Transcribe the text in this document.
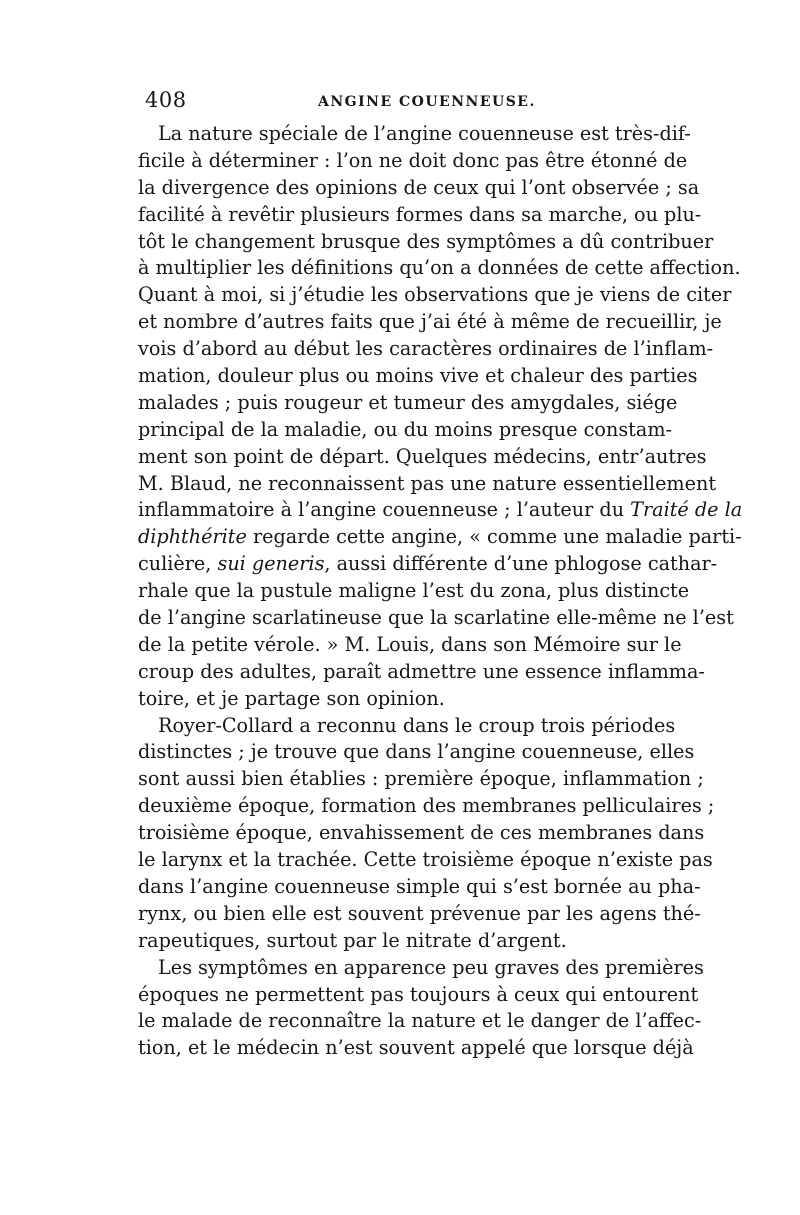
408	ANGINE COUENNEUSE.
La nature spéciale de l’angine couenneuse est très-dif-
ficile à déterminer : l’on ne doit donc pas être étonné de
la divergence des opinions de ceux qui l’ont observée ; sa
facilité à revêtir plusieurs formes dans sa marche, ou plu-
tôt le changement brusque des symptômes a dû contribuer
à multiplier les définitions qu’on a données de cette affection.
Quant à moi, si j’étudie les observations que je viens de citer
et nombre d’autres faits que j’ai été à même de recueillir, je
vois d’abord au début les caractères ordinaires de l’inflam-
mation, douleur plus ou moins vive et chaleur des parties
malades ; puis rougeur et tumeur des amygdales, siége
principal de la maladie, ou du moins presque constam-
ment son point de départ. Quelques médecins, entr’autres
M. Blaud, ne reconnaissent pas une nature essentiellement
inflammatoire à l’angine couenneuse ; l’auteur du Traité de la
diphthérite regarde cette angine, « comme une maladie parti-
culière, sui generis, aussi différente d’une phlogose cathar-
rhale que la pustule maligne l’est du zona, plus distincte
de l’angine scarlatineuse que la scarlatine elle-même ne l’est
de la petite vérole. » M. Louis, dans son Mémoire sur le
croup des adultes, paraît admettre une essence inflamma-
toire, et je partage son opinion.
Royer-Collard a reconnu dans le croup trois périodes
distinctes ; je trouve que dans l’angine couenneuse, elles
sont aussi bien établies : première époque, inflammation ;
deuxième époque, formation des membranes pelliculaires ;
troisième époque, envahissement de ces membranes dans
le larynx et la trachée. Cette troisième époque n’existe pas
dans l’angine couenneuse simple qui s’est bornée au pha-
rynx, ou bien elle est souvent prévenue par les agens thé-
rapeutiques, surtout par le nitrate d’argent.
Les symptômes en apparence peu graves des premières
époques ne permettent pas toujours à ceux qui entourent
le malade de reconnaître la nature et le danger de l’affec-
tion, et le médecin n’est souvent appelé que lorsque déjà
